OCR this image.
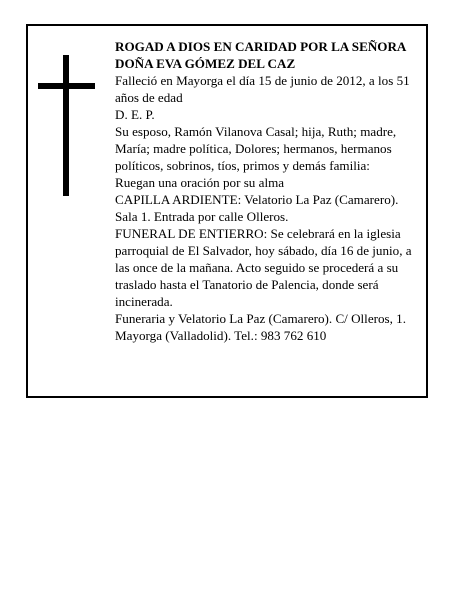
ROGAD A DIOS EN CARIDAD POR LA SEÑORA

DOÑA EVA GÓMEZ DEL CAZ

Falleció en Mayorga el día 15 de junio de 2012, a los 51 años de edad

D. E. P.

Su esposo, Ramón Vilanova Casal; hija, Ruth; madre, María; madre política, Dolores; hermanos, hermanos políticos, sobrinos, tíos, primos y demás familia:

Ruegan una oración por su alma

CAPILLA ARDIENTE: Velatorio La Paz (Camarero). Sala 1. Entrada por calle Olleros.

FUNERAL DE ENTIERRO: Se celebrará en la iglesia parroquial de El Salvador, hoy sábado, día 16 de junio, a las once de la mañana. Acto seguido se procederá a su traslado hasta el Tanatorio de Palencia, donde será incinerada.

Funeraria y Velatorio La Paz (Camarero). C/ Olleros, 1. Mayorga (Valladolid). Tel.: 983 762 610
